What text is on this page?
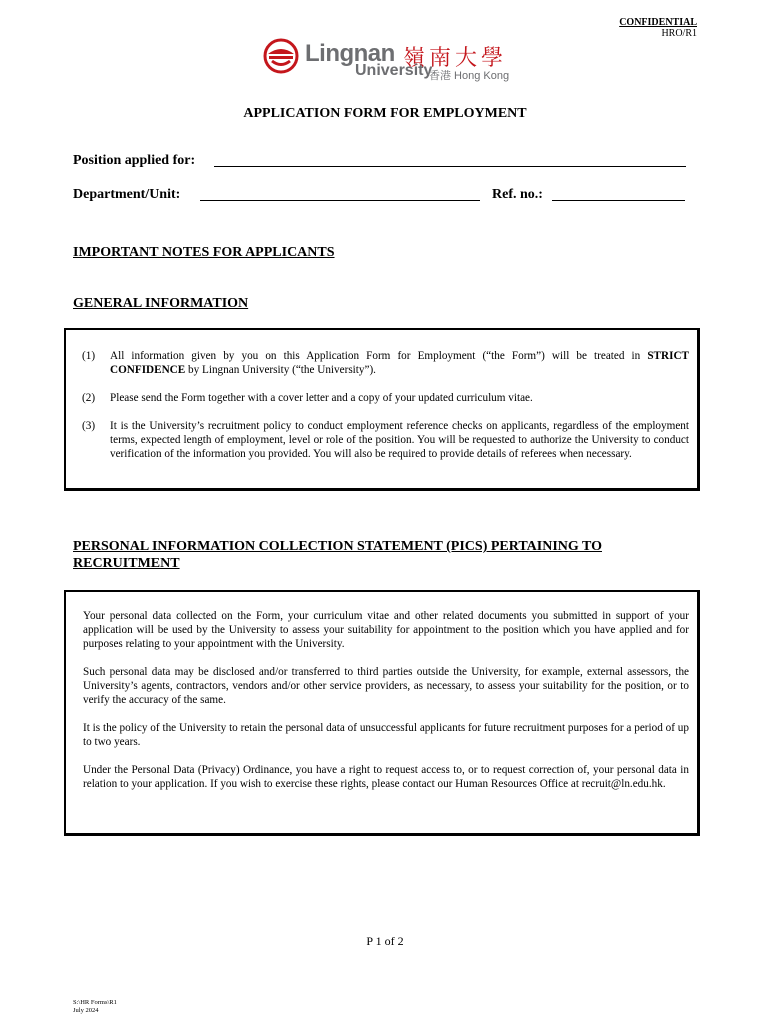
CONFIDENTIAL
HRO/R1
Lingnan 嶺南大學
University
香港 Hong Kong
APPLICATION FORM FOR EMPLOYMENT
Position applied for:
Department/Unit:	Ref. no.:
IMPORTANT NOTES FOR APPLICANTS
GENERAL INFORMATION
(1) All information given by you on this Application Form for Employment (“the Form”) will be treated in STRICT CONFIDENCE by Lingnan University (“the University”).
(2) Please send the Form together with a cover letter and a copy of your updated curriculum vitae.
(3) It is the University’s recruitment policy to conduct employment reference checks on applicants, regardless of the employment terms, expected length of employment, level or role of the position. You will be requested to authorize the University to conduct verification of the information you provided. You will also be required to provide details of referees when necessary.
PERSONAL INFORMATION COLLECTION STATEMENT (PICS) PERTAINING TO
RECRUITMENT
Your personal data collected on the Form, your curriculum vitae and other related documents you submitted in support of your application will be used by the University to assess your suitability for appointment to the position which you have applied and for purposes relating to your appointment with the University.
Such personal data may be disclosed and/or transferred to third parties outside the University, for example, external assessors, the University’s agents, contractors, vendors and/or other service providers, as necessary, to assess your suitability for the position, or to verify the accuracy of the same.
It is the policy of the University to retain the personal data of unsuccessful applicants for future recruitment purposes for a period of up to two years.
Under the Personal Data (Privacy) Ordinance, you have a right to request access to, or to request correction of, your personal data in relation to your application. If you wish to exercise these rights, please contact our Human Resources Office at recruit@ln.edu.hk.
P 1 of 2
S:\HR Forms\R1
July 2024
